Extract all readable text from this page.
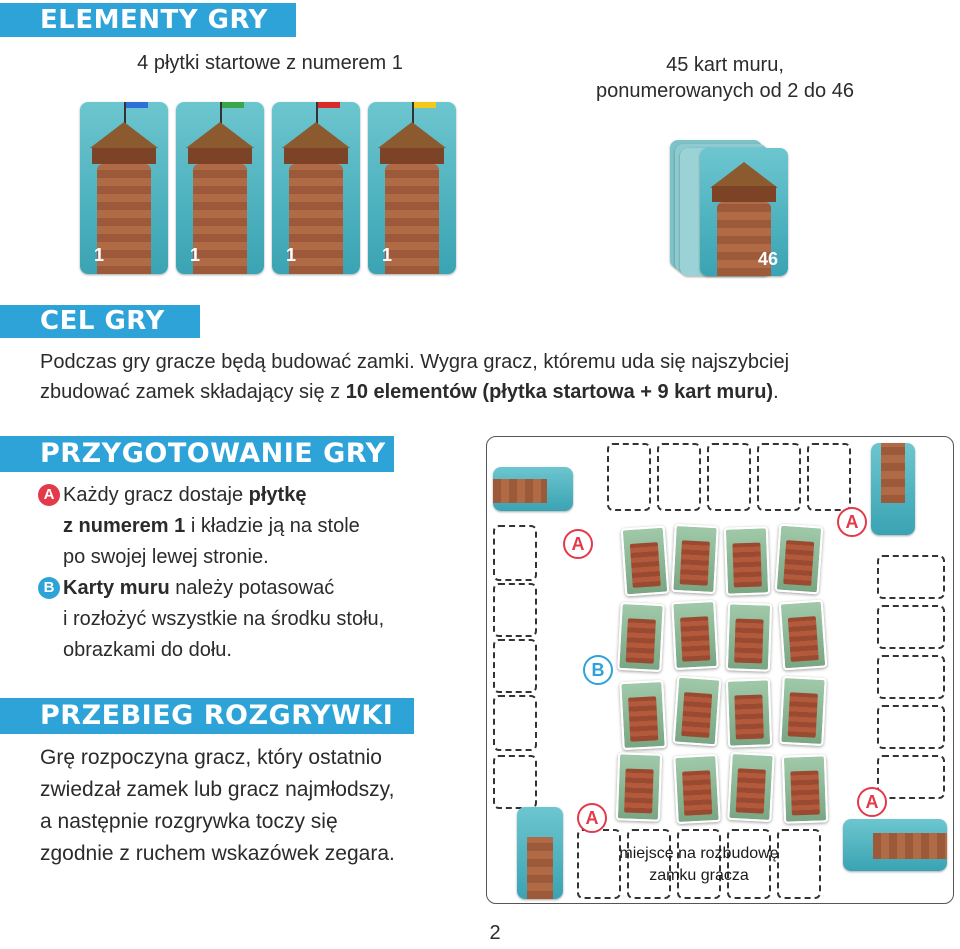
ELEMENTY GRY
4 płytki startowe z numerem 1	45 kart muru,
ponumerowanych od 2 do 46
1	1	1	1	46
CEL GRY
Podczas gry gracze będą budować zamki. Wygra gracz, któremu uda się najszybciej
zbudować zamek składający się z 10 elementów (płytka startowa + 9 kart muru).
PRZYGOTOWANIE GRY
A Każdy gracz dostaje płytkę
z numerem 1 i kładzie ją na stole
po swojej lewej stronie.
B Karty muru należy potasować
i rozłożyć wszystkie na środku stołu,
obrazkami do dołu.
PRZEBIEG ROZGRYWKI
Grę rozpoczyna gracz, który ostatnio
zwiedzał zamek lub gracz najmłodszy,
a następnie rozgrywka toczy się
zgodnie z ruchem wskazówek zegara.
A
A
B
A
A
miejsce na rozbudowę
zamku gracza
2
